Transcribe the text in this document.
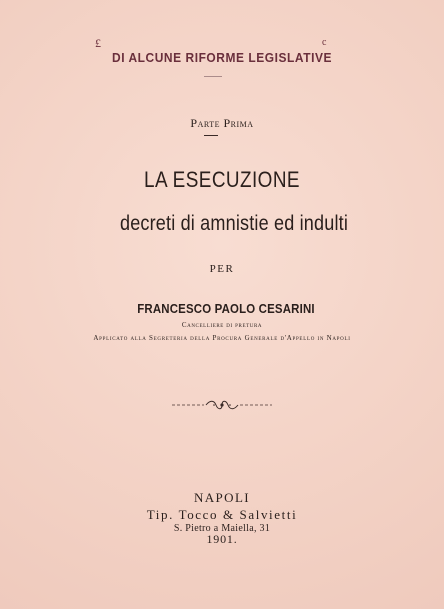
£	c
DI ALCUNE RIFORME LEGISLATIVE
Parte Prima
LA ESECUZIONE
decreti di amnistie ed indulti
PER
FRANCESCO PAOLO CESARINI
Cancelliere di pretura
Applicato alla Segreteria della Procura Generale d'Appello in Napoli
NAPOLI
Tip. Tocco & Salvietti
S. Pietro a Maiella, 31
1901.
